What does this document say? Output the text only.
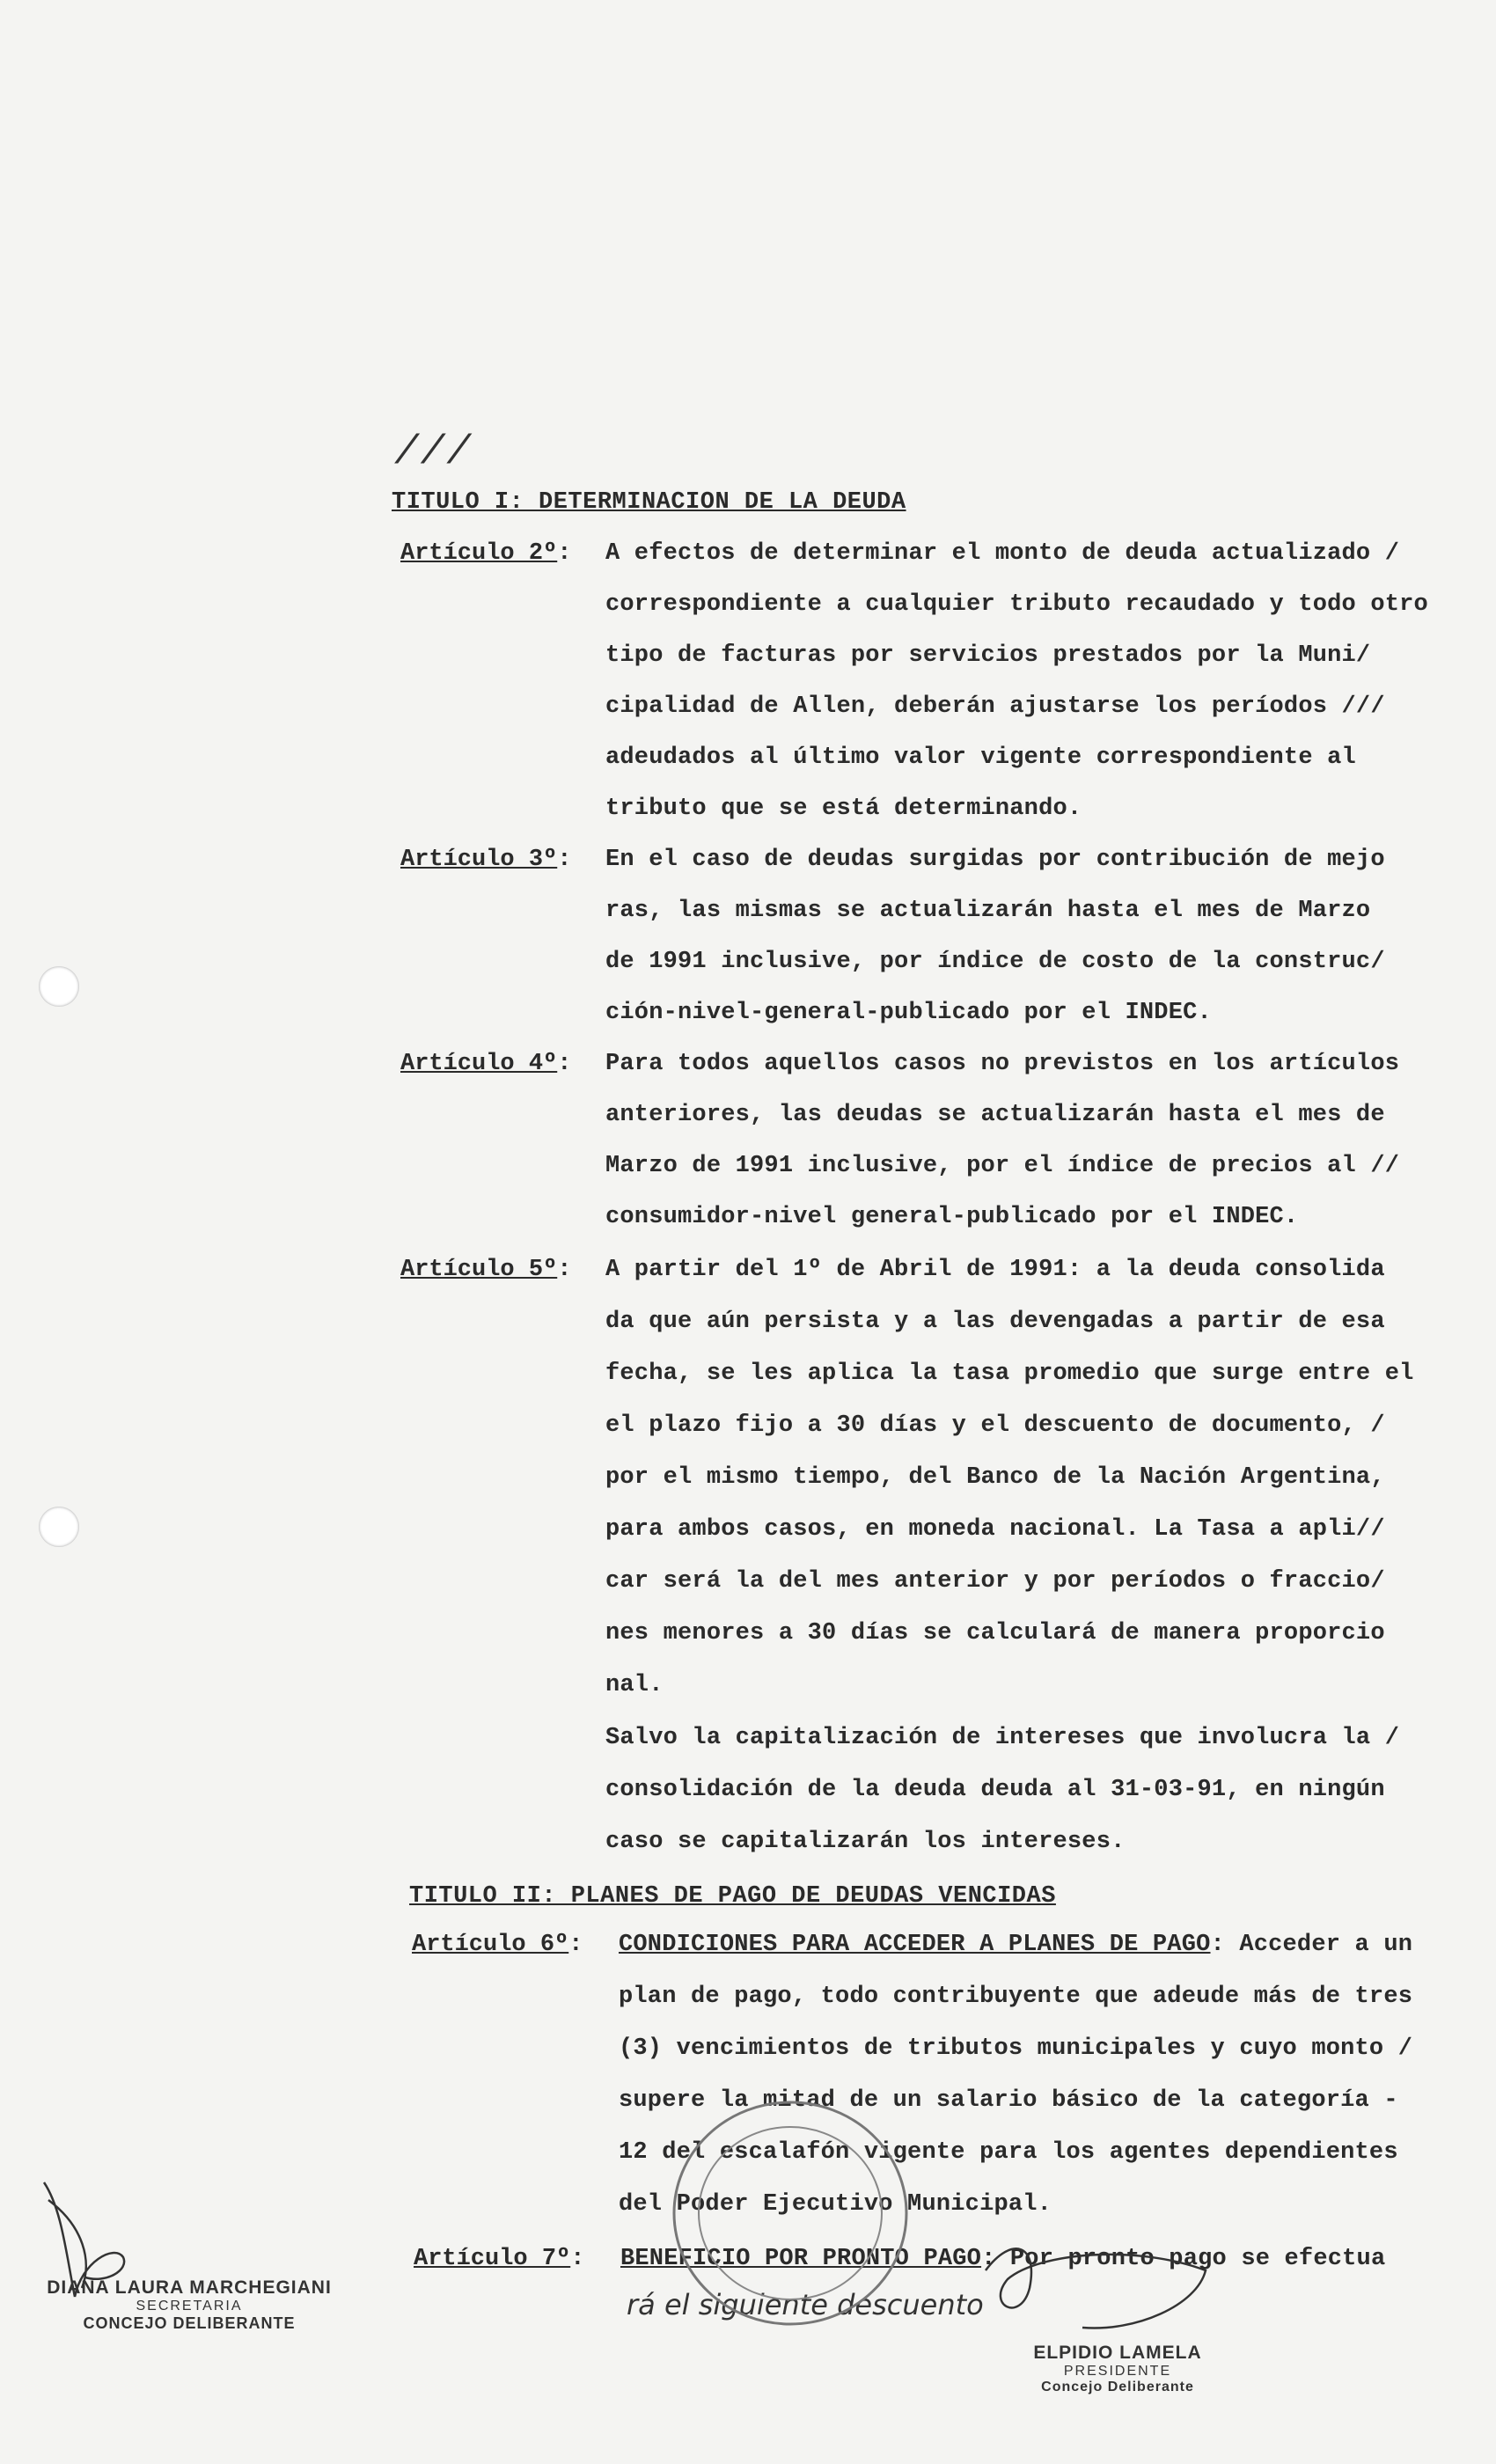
///
TITULO I: DETERMINACION DE LA DEUDA
Artículo 2º: A efectos de determinar el monto de deuda actualizado /
correspondiente a cualquier tributo recaudado y todo otro
tipo de facturas por servicios prestados por la Muni/
cipalidad de Allen, deberán ajustarse los períodos ///
adeudados al último valor vigente correspondiente al
tributo que se está determinando.
Artículo 3º: En el caso de deudas surgidas por contribución de mejo
ras, las mismas se actualizarán hasta el mes de Marzo
de 1991 inclusive, por índice de costo de la construc/
ción-nivel-general-publicado por el INDEC.
Artículo 4º: Para todos aquellos casos no previstos en los artículos
anteriores, las deudas se actualizarán hasta el mes de
Marzo de 1991 inclusive, por el índice de precios al //
consumidor-nivel general-publicado por el INDEC.
Artículo 5º: A partir del 1º de Abril de 1991: a la deuda consolida
da que aún persista y a las devengadas a partir de esa
fecha, se les aplica la tasa promedio que surge entre el
el plazo fijo a 30 días y el descuento de documento, /
por el mismo tiempo, del Banco de la Nación Argentina,
para ambos casos, en moneda nacional. La Tasa a apli//
car será la del mes anterior y por períodos o fraccio/
nes menores a 30 días se calculará de manera proporcio
nal.
Salvo la capitalización de intereses que involucra la /
consolidación de la deuda deuda al 31-03-91, en ningún
caso se capitalizarán los intereses.
TITULO II: PLANES DE PAGO DE DEUDAS VENCIDAS
Artículo 6º: CONDICIONES PARA ACCEDER A PLANES DE PAGO: Acceder a un
plan de pago, todo contribuyente que adeude más de tres
(3) vencimientos de tributos municipales y cuyo monto /
supere la mitad de un salario básico de la categoría -
12 del escalafón vigente para los agentes dependientes
del Poder Ejecutivo Municipal.
Artículo 7º: BENEFICIO POR PRONTO PAGO: Por pronto pago se efectua
rá el siguiente descuento
DIANA LAURA MARCHEGIANI
SECRETARIA
CONCEJO DELIBERANTE
ELPIDIO LAMELA
PRESIDENTE
Concejo Deliberante
